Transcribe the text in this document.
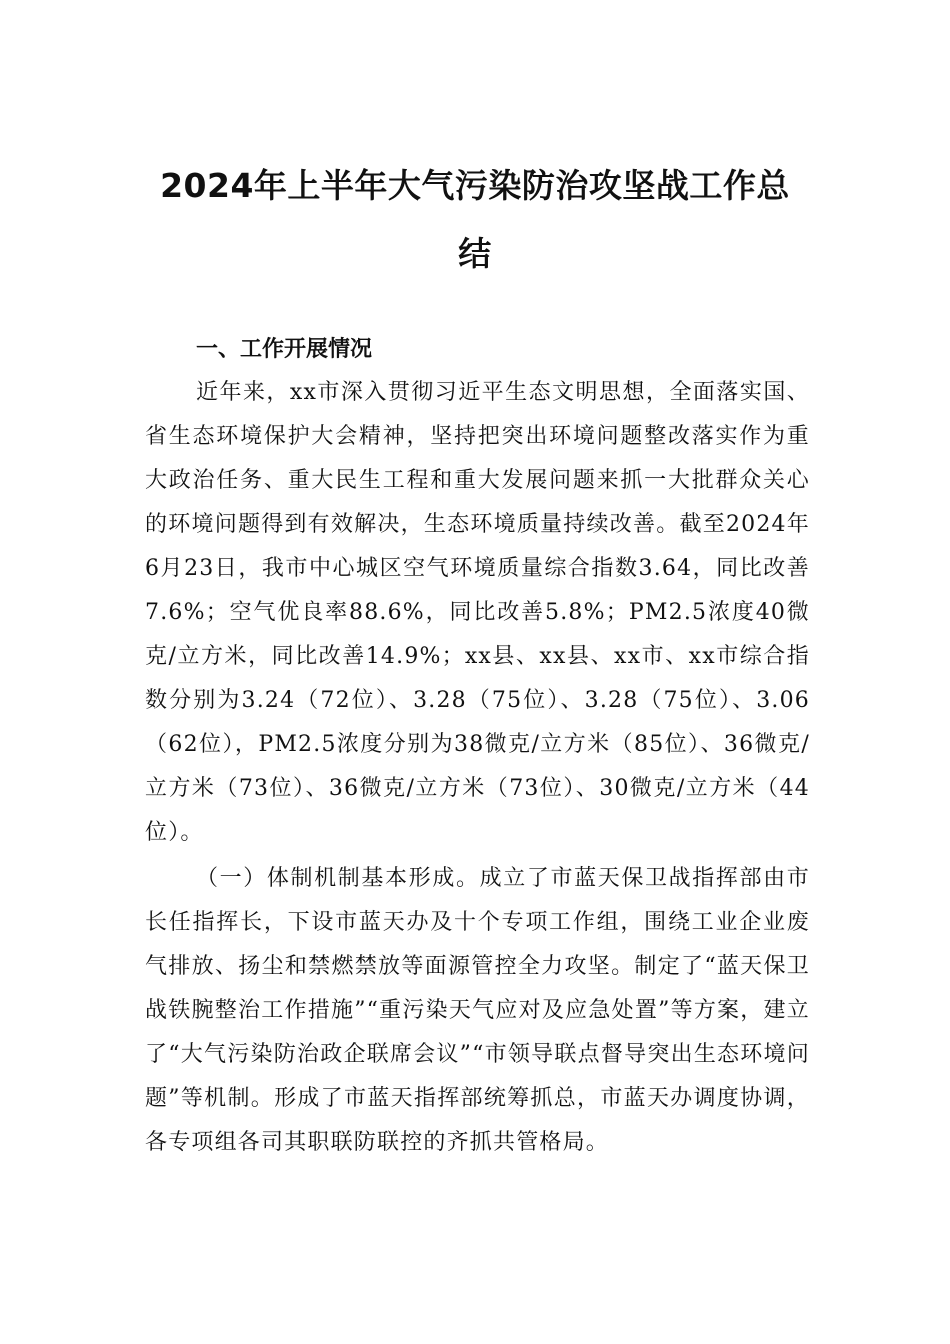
2024年上半年大气污染防治攻坚战工作总结
一、工作开展情况
近年来，xx市深入贯彻习近平生态文明思想，全面落实国、省生态环境保护大会精神，坚持把突出环境问题整改落实作为重大政治任务、重大民生工程和重大发展问题来抓一大批群众关心的环境问题得到有效解决，生态环境质量持续改善。截至2024年6月23日，我市中心城区空气环境质量综合指数3.64，同比改善7.6%；空气优良率88.6%，同比改善5.8%；PM2.5浓度40微克/立方米，同比改善14.9%；xx县、xx县、xx市、xx市综合指数分别为3.24（72位）、3.28（75位）、3.28（75位）、3.06（62位），PM2.5浓度分别为38微克/立方米（85位）、36微克/立方米（73位）、36微克/立方米（73位）、30微克/立方米（44位）。
（一）体制机制基本形成。成立了市蓝天保卫战指挥部由市长任指挥长，下设市蓝天办及十个专项工作组，围绕工业企业废气排放、扬尘和禁燃禁放等面源管控全力攻坚。制定了“蓝天保卫战铁腕整治工作措施”“重污染天气应对及应急处置”等方案，建立了“大气污染防治政企联席会议”“市领导联点督导突出生态环境问题”等机制。形成了市蓝天指挥部统筹抓总，市蓝天办调度协调，各专项组各司其职联防联控的齐抓共管格局。
